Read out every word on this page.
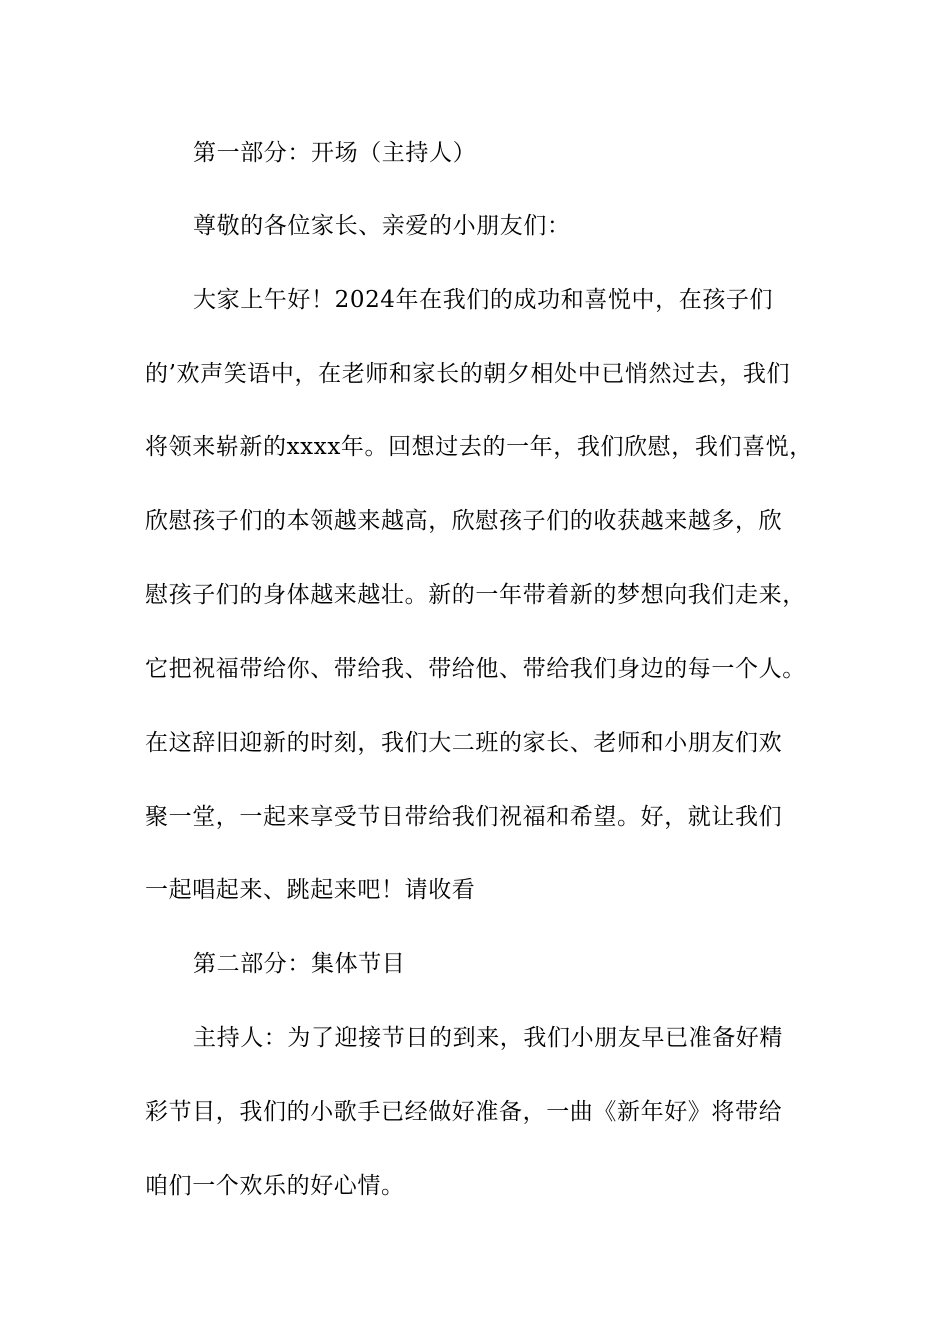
第一部分：开场（主持人）
尊敬的各位家长、亲爱的小朋友们：
大家上午好！2024年在我们的成功和喜悦中，在孩子们
的’欢声笑语中，在老师和家长的朝夕相处中已悄然过去，我们
将领来崭新的xxxx年。回想过去的一年，我们欣慰，我们喜悦，
欣慰孩子们的本领越来越高，欣慰孩子们的收获越来越多，欣
慰孩子们的身体越来越壮。新的一年带着新的梦想向我们走来，
它把祝福带给你、带给我、带给他、带给我们身边的每一个人。
在这辞旧迎新的时刻，我们大二班的家长、老师和小朋友们欢
聚一堂，一起来享受节日带给我们祝福和希望。好，就让我们
一起唱起来、跳起来吧！请收看
第二部分：集体节目
主持人：为了迎接节日的到来，我们小朋友早已准备好精
彩节目，我们的小歌手已经做好准备，一曲《新年好》将带给
咱们一个欢乐的好心情。
